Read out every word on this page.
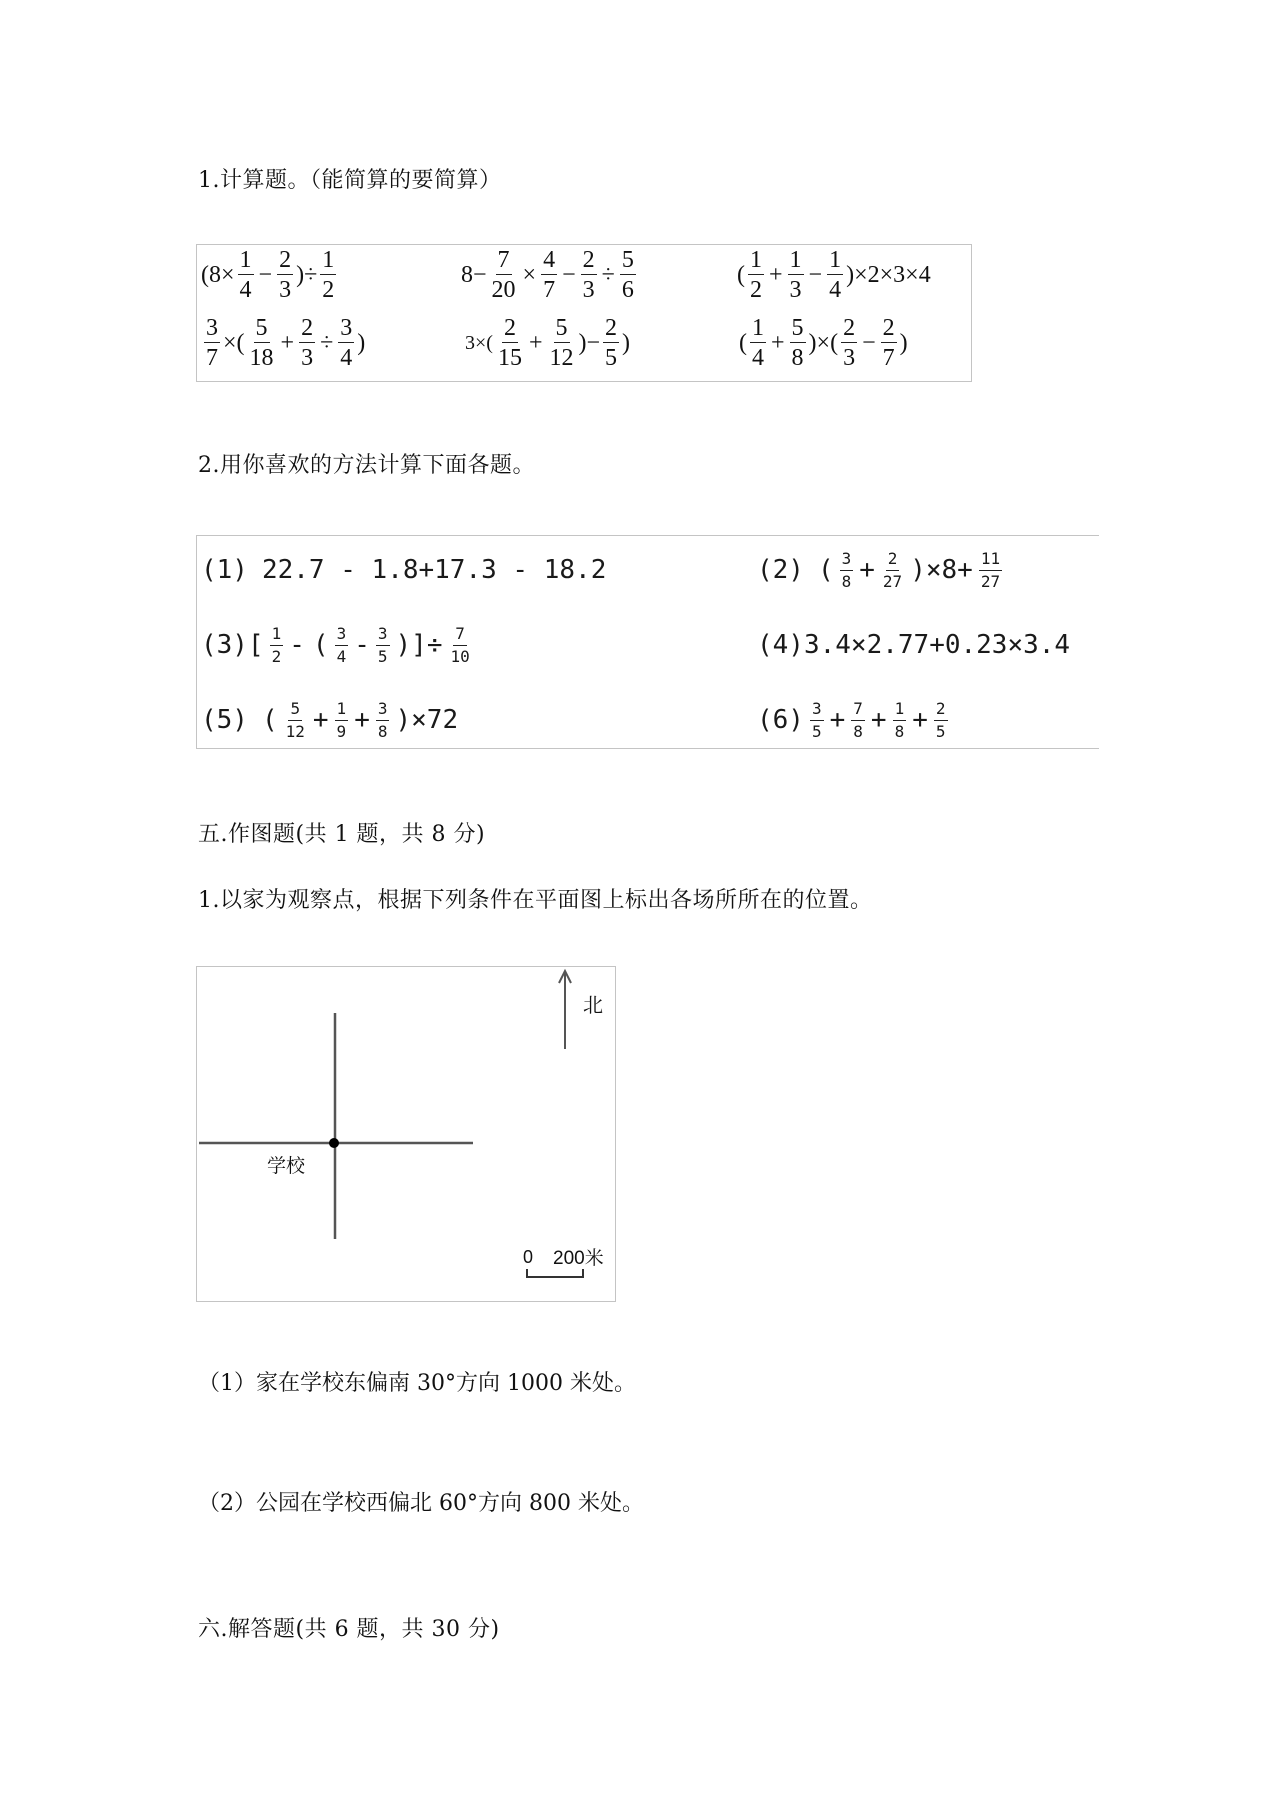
1.计算题。（能简算的要简算）
($8\times \frac{1}{4} - \frac{2}{3}$ )÷ $\frac{1}{2}$	$8- \frac{7}{20} \times \frac{4}{7} - \frac{2}{3} \div \frac{5}{6}$	( $\frac{1}{2} + \frac{1}{3} - \frac{1}{4} )\times 2\times 3\times 4$
$\frac{3}{7}$ ×( $\frac{5}{18} + \frac{2}{3} \div \frac{3}{4}$ )	$3\times( \frac{2}{15} + \frac{5}{12}$ )− $\frac{2}{5}$ )	( $\frac{1}{4} + \frac{5}{8}$ )×( $\frac{2}{3} - \frac{2}{7}$ )
2.用你喜欢的方法计算下面各题。
(1) 22.7 - 1.8+17.3 - 18.2	(2) ( $\frac{3}{8} + \frac{2}{27}$ ) $\times 8+ \frac{11}{27}$
(3) [ $\frac{1}{2}$ - ( $\frac{3}{4} - \frac{3}{5}$ ) ]÷ $\frac{7}{10}$	(4) 3.4×2.77+0.23×3.4
(5) ( $\frac{5}{12} + \frac{1}{9} + \frac{3}{8}$ ) ×72	$(6) \frac{3}{5} + \frac{7}{8} + \frac{1}{8} + \frac{2}{5}$
五.作图题(共 1 题，共 8 分)
1.以家为观察点，根据下列条件在平面图上标出各场所所在的位置。
北
学校
0 200米
（1）家在学校东偏南 30°方向 1000 米处。
（2）公园在学校西偏北 60°方向 800 米处。
六.解答题(共 6 题，共 30 分)
